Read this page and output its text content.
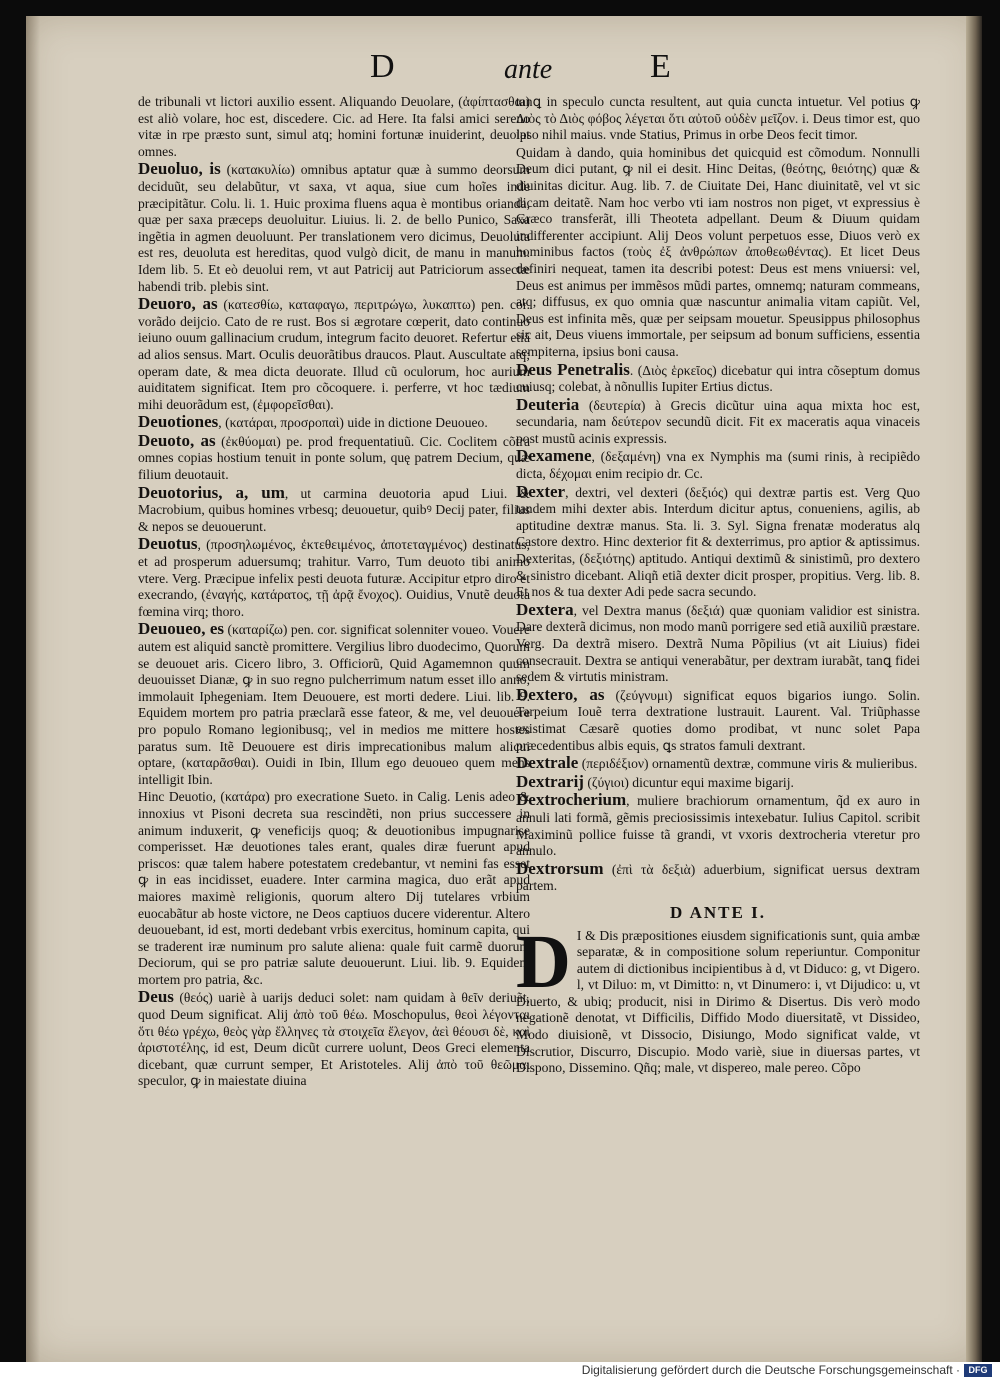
D	ante	E

de tribunali vt lictori auxilio essent. Aliquando Deuolare, (ἀφίπτασθαι) est aliò volare, hoc est, discedere. Cic. ad Here. Ita falsi amici sereno vitæ in rpe præsto sunt, simul atq; homini fortunæ inuiderint, deuolat omnes.

Deuoluo, is (κατακυλίω) omnibus aptatur quæ à summo deorsum deciduũt, seu delabũtur, vt saxa, vt aqua, siue cum hoĩes inde præcipitãtur. Colu. li. 1. Huic proxima fluens aqua è montibus orianda, quæ per saxa præceps deuoluitur. Liuius. li. 2. de bello Punico, Saxa ingẽtia in agmen deuoluunt. Per translationem vero dicimus, Deuoluta est res, deuoluta est hereditas, quod vulgò dicit, de manu in manum. Idem lib. 5. Et eò deuolui rem, vt aut Patricij aut Patriciorum assectæ habendi trib. plebis sint.

Deuoro, as (κατεσθίω, καταφαγω, περιτρώγω, λυκαπτω) pen. cor. vorãdo deijcio. Cato de re rust. Bos si ægrotare cœperit, dato continuo ieiuno ouum gallinacium crudum, integrum facito deuoret. Refertur etiã ad alios sensus. Mart. Oculis deuorãtibus draucos. Plaut. Auscultate atq; operam date, & mea dicta deuorate. Illud cũ oculorum, hoc aurium auiditatem significat. Item pro cõcoquere. i. perferre, vt hoc tædium mihi deuorãdum est, (ἐμφορεῖσθαι).

Deuotiones, (κατάραι, προσροπαὶ) uide in dictione Deuoueo.

Deuoto, as (ἐκθύομαι) pe. prod frequentatiuũ. Cic. Coclitem cõtra omnes copias hostium tenuit in ponte solum, quę patrem Decium, quæ filium deuotauit.

Deuotorius, a, um, ut carmina deuotoria apud Liui. & Macrobium, quibus homines vrbesq; deuouetur, quibꝰ Decij pater, filius & nepos se deuouerunt.

Deuotus, (προσηλωμένος, ἐκτεθειμένος, ἀποτεταγμένος) destinatus, et ad prosperum aduersumq; trahitur. Varro, Tum deuoto tibi animo vtere. Verg. Præcipue infelix pesti deuota futuræ. Accipitur etpro diro et execrando, (ἐναγής, κατάρατος, τῇ ἀρᾷ ἔνοχος). Ouidius, Vnutẽ deuota fœmina virq; thoro.

Deuoueo, es (καταρίζω) pen. cor. significat solenniter voueo. Vouere autem est aliquid sanctè promittere. Vergilius libro duodecimo, Quorum se deuouet aris. Cicero libro, 3. Officiorũ, Quid Agamemnon quum deuouisset Dianæ, ꝙ in suo regno pulcherrimum natum esset illo anno, immolauit Iphegeniam. Item Deuouere, est morti dedere. Liui. lib. 9. Equidem mortem pro patria præclarã esse fateor, & me, vel deuouere pro populo Romano legionibusq;, vel in medios me mittere hostes paratus sum. Itẽ Deuouere est diris imprecationibus malum alicui optare, (καταρᾶσθαι). Ouidi in Ibin, Illum ego deuoueo quem mens intelligit Ibin.

Hinc Deuotio, (κατάρα) pro execratione Sueto. in Calig. Lenis adeo & innoxius vt Pisoni decreta sua rescindẽti, non prius successere in animum induxerit, ꝙ veneficijs quoq; & deuotionibus impugnarise comperisset. Hæ deuotiones tales erant, quales diræ fuerunt apud priscos: quæ talem habere potestatem credebantur, vt nemini fas esset ꝙ in eas incidisset, euadere. Inter carmina magica, duo erãt apud maiores maximè religionis, quorum altero Dij tutelares vrbium euocabãtur ab hoste victore, ne Deos captiuos ducere viderentur. Altero deuouebant, id est, morti dedebant vrbis exercitus, hominum capita, qui se traderent iræ numinum pro salute aliena: quale fuit carmẽ duorum Deciorum, qui se pro patriæ salute deuouerunt. Liui. lib. 9. Equidem mortem pro patria, &c.

Deus (θεός) uariè à uarijs deduci solet: nam quidam à θεῖν deriuãt, quod Deum significat. Alij ἀπὸ τοῦ θέω. Moschopulus, θεοὶ λέγονται ὅτι θέω γρέχω, θεὸς γὰρ ἕλληνες τὰ στοιχεῖα ἔλεγον, ἀεὶ θέουσι δὲ, καὶ ἀριστοτέλης, id est, Deum dicũt currere uolunt, Deos Greci elementa dicebant, quæ currunt semper, Et Aristoteles. Alij ἀπὸ τοῦ θεῶμαι speculor, ꝙ in maiestate diuina

tanꝗ in speculo cuncta resultent, aut quia cuncta intuetur. Vel potius ꝙ Διὸς τὸ Διὸς φόβος λέγεται ὅτι αὐτοῦ οὐδὲν μεῖζον. i. Deus timor est, quo ipso nihil maius. vnde Statius, Primus in orbe Deos fecit timor.

Quidam à dando, quia hominibus det quicquid est cõmodum. Nonnulli Deum dici putant, ꝙ nil ei desit. Hinc Deitas, (θεότης, θειότης) quæ & diuinitas dicitur. Aug. lib. 7. de Ciuitate Dei, Hanc diuinitatẽ, vel vt sic dicam deitatẽ. Nam hoc verbo vti iam nostros non piget, vt expressius è Græco transferãt, illi Theoteta adpellant. Deum & Diuum quidam indifferenter accipiunt. Alij Deos volunt perpetuos esse, Diuos verò ex hominibus factos (τοὺς ἐξ ἀνθρώπων ἀποθεωθέντας). Et licet Deus definiri nequeat, tamen ita describi potest: Deus est mens vniuersi: vel, Deus est animus per immẽsos mũdi partes, omnemq; naturam commeans, atq; diffusus, ex quo omnia quæ nascuntur animalia vitam capiũt. Vel, Deus est infinita mẽs, quæ per seipsam mouetur. Speusippus philosophus sic ait, Deus viuens immortale, per seipsum ad bonum sufficiens, essentia sempiterna, ipsius boni causa.

Deus Penetralis. (Διὸς ἑρκεῖος) dicebatur qui intra cõseptum domus cuiusq; colebat, à nõnullis Iupiter Ertius dictus.

Deuteria (δευτερία) à Grecis dicũtur uina aqua mixta hoc est, secundaria, nam δεύτερον secundũ dicit. Fit ex maceratis aqua vinaceis post mustũ acinis expressis.

Dexamene, (δεξαμένη) vna ex Nymphis ma (sumi rinis, à recipiẽdo dicta, δέχομαι enim recipio dr. Cc.

Dexter, dextri, vel dexteri (δεξιός) qui dextræ partis est. Verg Quo tandem mihi dexter abis. Interdum dicitur aptus, conueniens, agilis, ab aptitudine dextræ manus. Sta. li. 3. Syl. Signa frenatæ moderatus alq Castore dextro. Hinc dexterior fit & dexterrimus, pro aptior & aptissimus. Dexteritas, (δεξιότης) aptitudo. Antiqui dextimũ & sinistimũ, pro dextero & sinistro dicebant. Aliqñ etiã dexter dicit prosper, propitius. Verg. lib. 8. Et nos & tua dexter Adi pede sacra secundo.

Dextera, vel Dextra manus (δεξιά) quæ quoniam validior est sinistra. Dare dexterã dicimus, non modo manũ porrigere sed etiã auxiliũ præstare. Verg. Da dextrã misero. Dextrã Numa Põpilius (vt ait Liuius) fidei consecrauit. Dextra se antiqui venerabãtur, per dextram iurabãt, tanꝗ fidei sedem & virtutis ministram.

Dextero, as (ζεύγνυμι) significat equos bigarios iungo. Solin. Tarpeium Iouẽ terra dextratione lustrauit. Laurent. Val. Triũphasse existimat Cæsarẽ quoties domo prodibat, vt nunc solet Papa præcedentibus albis equis, ꝗs stratos famuli dextrant.

Dextrale (περιδέξιον) ornamentũ dextræ, commune viris & mulieribus.

Dextrarij (ζύγιοι) dicuntur equi maxime bigarij.

Dextrocherium, muliere brachiorum ornamentum, q̃d ex auro in annuli lati formã, gẽmis preciosissimis intexebatur. Iulius Capitol. scribit Maximinũ pollice fuisse tã grandi, vt vxoris dextrocheria vteretur pro annulo.

Dextrorsum (ἐπὶ τὰ δεξιὰ) aduerbium, significat uersus dextram partem.

D ANTE I.

D I & Dis præpositiones eiusdem significationis sunt, quia ambæ separatæ, & in compositione solum reperiuntur. Componitur autem di dictionibus incipientibus à d, vt Diduco: g, vt Digero. l, vt Diluo: m, vt Dimitto: n, vt Dinumero: i, vt Dijudico: u, vt Diuerto, & ubiq; producit, nisi in Dirimo & Disertus. Dis verò modo negationẽ denotat, vt Difficilis, Diffido Modo diuersitatẽ, vt Dissideo, Modo diuisionẽ, vt Dissocio, Disiungo, Modo significat valde, vt Discrutior, Discurro, Discupio. Modo variè, siue in diuersas partes, vt Dispono, Dissemino. Qñq; male, vt dispereo, male pereo. Cõpo

Digitalisierung gefördert durch die Deutsche Forschungsgemeinschaft · DFG
